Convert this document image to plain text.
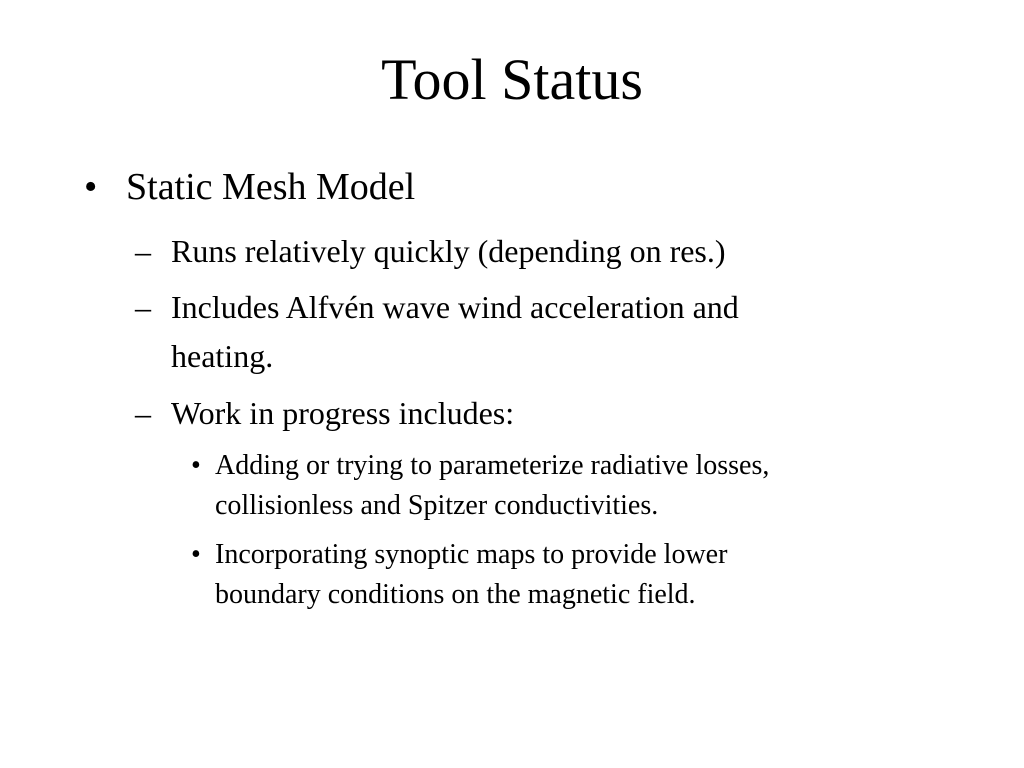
Tool Status
• Static Mesh Model
– Runs relatively quickly (depending on res.)
– Includes Alfvén wave wind acceleration and
heating.
– Work in progress includes:
• Adding or trying to parameterize radiative losses,
collisionless and Spitzer conductivities.
• Incorporating synoptic maps to provide lower
boundary conditions on the magnetic field.
